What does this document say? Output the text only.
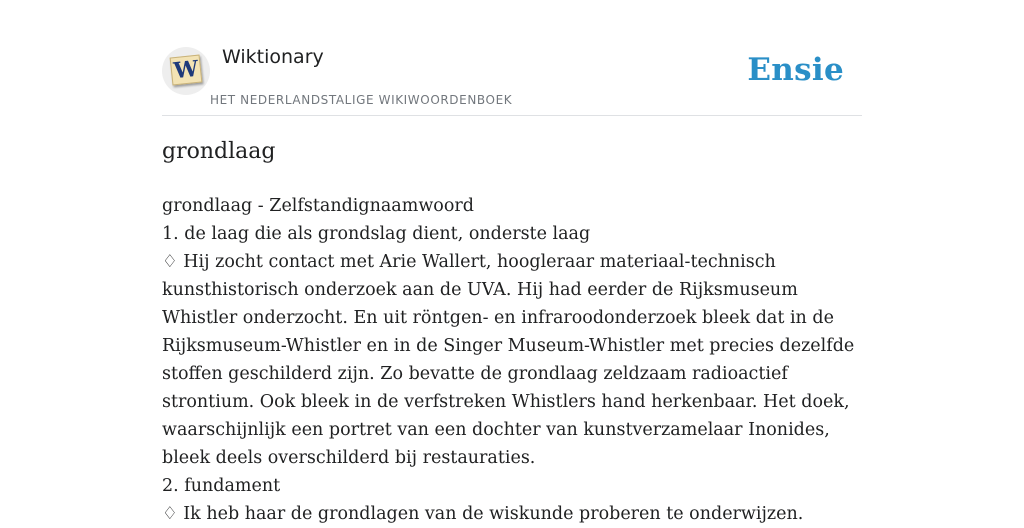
W Wiktionary
HET NEDERLANDSTALIGE WIKIWOORDENBOEK
Ensie
grondlaag
grondlaag - Zelfstandignaamwoord
1. de laag die als grondslag dient, onderste laag
♢ Hij zocht contact met Arie Wallert, hoogleraar materiaal-technisch kunsthistorisch onderzoek aan de UVA. Hij had eerder de Rijksmuseum Whistler onderzocht. En uit röntgen- en infraroodonderzoek bleek dat in de Rijksmuseum-Whistler en in de Singer Museum-Whistler met precies dezelfde stoffen geschilderd zijn. Zo bevatte de grondlaag zeldzaam radioactief strontium. Ook bleek in de verfstreken Whistlers hand herkenbaar. Het doek, waarschijnlijk een portret van een dochter van kunstverzamelaar Inonides, bleek deels overschilderd bij restauraties.
2. fundament
♢ Ik heb haar de grondlagen van de wiskunde proberen te onderwijzen.
